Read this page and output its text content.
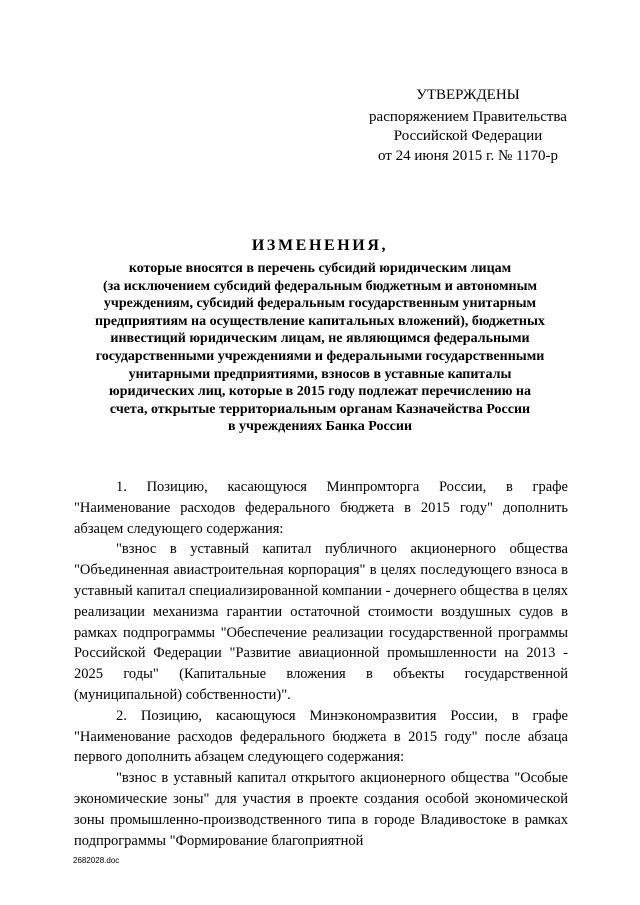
УТВЕРЖДЕНЫ
распоряжением Правительства
Российской Федерации
от 24 июня 2015 г. № 1170-р
ИЗМЕНЕНИЯ,
которые вносятся в перечень субсидий юридическим лицам
(за исключением субсидий федеральным бюджетным и автономным
учреждениям, субсидий федеральным государственным унитарным
предприятиям на осуществление капитальных вложений), бюджетных
инвестиций юридическим лицам, не являющимся федеральными
государственными учреждениями и федеральными государственными
унитарными предприятиями, взносов в уставные капиталы
юридических лиц, которые в 2015 году подлежат перечислению на
счета, открытые территориальным органам Казначейства России
в учреждениях Банка России

1. Позицию, касающуюся Минпромторга России, в графе "Наименование расходов федерального бюджета в 2015 году" дополнить абзацем следующего содержания:

"взнос в уставный капитал публичного акционерного общества "Объединенная авиастроительная корпорация" в целях последующего взноса в уставный капитал специализированной компании - дочернего общества в целях реализации механизма гарантии остаточной стоимости воздушных судов в рамках подпрограммы "Обеспечение реализации государственной программы Российской Федерации "Развитие авиационной промышленности на 2013 - 2025 годы" (Капитальные вложения в объекты государственной (муниципальной) собственности)".

2. Позицию, касающуюся Минэкономразвития России, в графе "Наименование расходов федерального бюджета в 2015 году" после абзаца первого дополнить абзацем следующего содержания:

"взнос в уставный капитал открытого акционерного общества "Особые экономические зоны" для участия в проекте создания особой экономической зоны промышленно-производственного типа в городе Владивостоке в рамках подпрограммы "Формирование благоприятной

2682028.doc
